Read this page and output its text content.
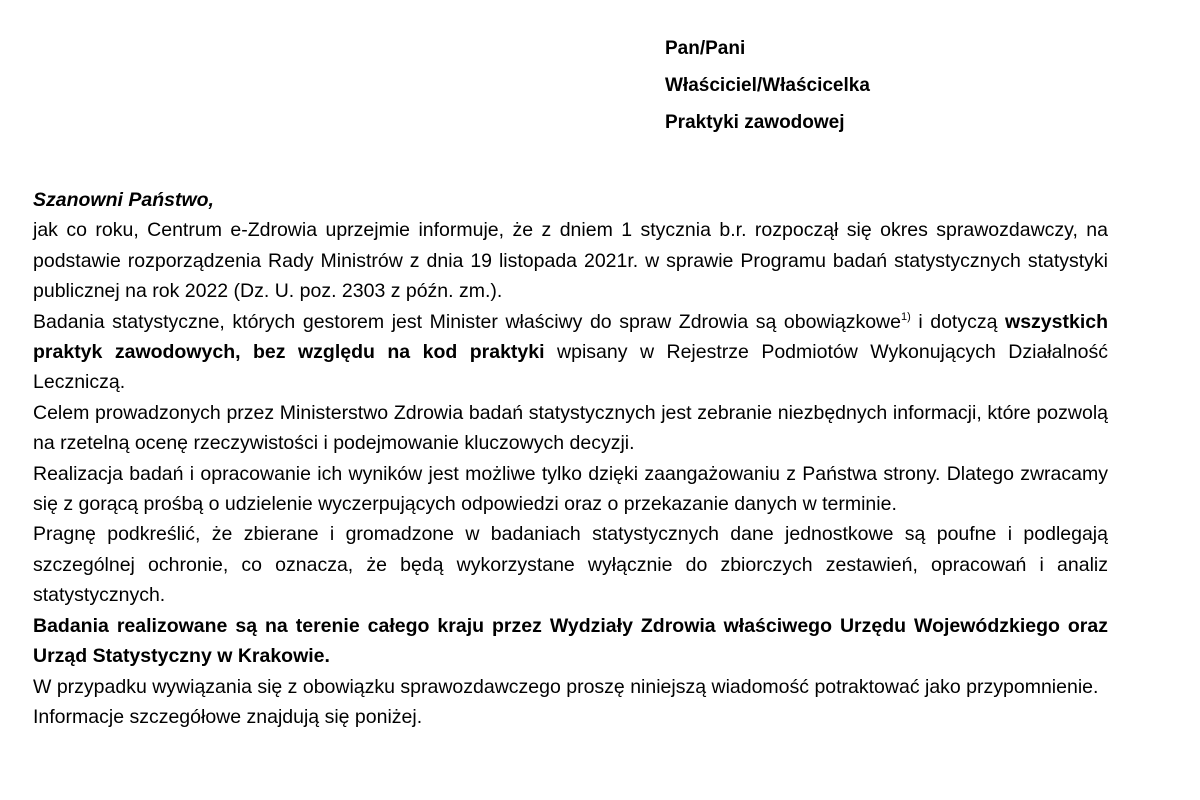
Pan/Pani
Właściciel/Właścicelka
Praktyki zawodowej
Szanowni Państwo,

jak co roku, Centrum e-Zdrowia uprzejmie informuje, że z dniem 1 stycznia b.r. rozpoczął się okres sprawozdawczy, na podstawie rozporządzenia Rady Ministrów z dnia 19 listopada 2021r. w sprawie Programu badań statystycznych statystyki publicznej na rok 2022 (Dz. U. poz. 2303 z późn. zm.).

Badania statystyczne, których gestorem jest Minister właściwy do spraw Zdrowia są obowiązkowe$^{1)}$ i dotyczą wszystkich praktyk zawodowych, bez względu na kod praktyki wpisany w Rejestrze Podmiotów Wykonujących Działalność Leczniczą.

Celem prowadzonych przez Ministerstwo Zdrowia badań statystycznych jest zebranie niezbędnych informacji, które pozwolą na rzetelną ocenę rzeczywistości i podejmowanie kluczowych decyzji.

Realizacja badań i opracowanie ich wyników jest możliwe tylko dzięki zaangażowaniu z Państwa strony. Dlatego zwracamy się z gorącą prośbą o udzielenie wyczerpujących odpowiedzi oraz o przekazanie danych w terminie.

Pragnę podkreślić, że zbierane i gromadzone w badaniach statystycznych dane jednostkowe są poufne i podlegają szczególnej ochronie, co oznacza, że będą wykorzystane wyłącznie do zbiorczych zestawień, opracowań i analiz statystycznych.

Badania realizowane są na terenie całego kraju przez Wydziały Zdrowia właściwego Urzędu Wojewódzkiego oraz Urząd Statystyczny w Krakowie.

W przypadku wywiązania się z obowiązku sprawozdawczego proszę niniejszą wiadomość potraktować jako przypomnienie.

Informacje szczegółowe znajdują się poniżej.
